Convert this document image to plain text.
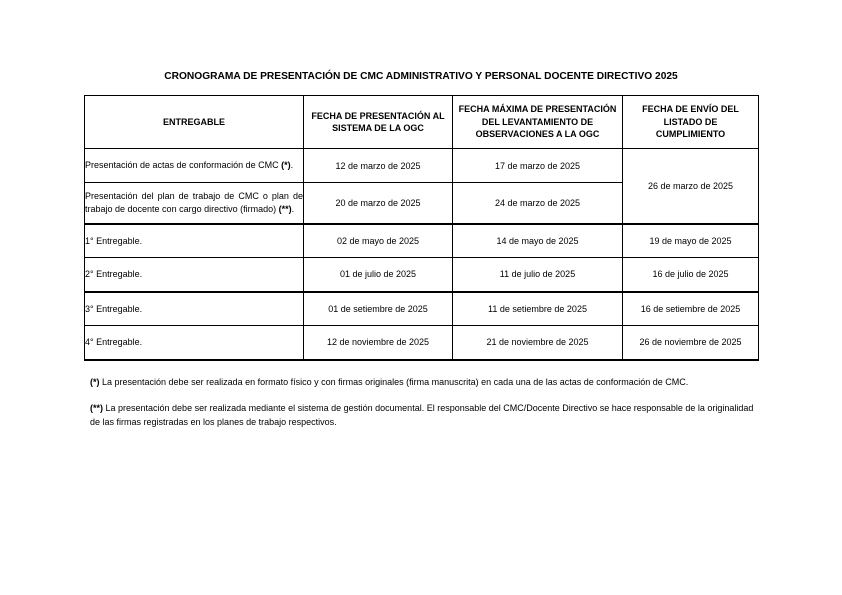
CRONOGRAMA DE PRESENTACIÓN DE CMC ADMINISTRATIVO Y PERSONAL DOCENTE DIRECTIVO 2025
ENTREGABLE	FECHA DE PRESENTACIÓN AL SISTEMA DE LA OGC	FECHA MÁXIMA DE PRESENTACIÓN DEL LEVANTAMIENTO DE OBSERVACIONES A LA OGC	FECHA DE ENVÍO DEL LISTADO DE CUMPLIMIENTO
Presentación de actas de conformación de CMC (*).	12 de marzo de 2025	17 de marzo de 2025	26 de marzo de 2025
Presentación del plan de trabajo de CMC o plan de trabajo de docente con cargo directivo (firmado) (**).	20 de marzo de 2025	24 de marzo de 2025	
1° Entregable.	02 de mayo de 2025	14 de mayo de 2025	19 de mayo de 2025
2° Entregable.	01 de julio de 2025	11 de julio de 2025	16 de julio de 2025
3° Entregable.	01 de setiembre de 2025	11 de setiembre de 2025	16 de setiembre de 2025
4° Entregable.	12 de noviembre de 2025	21 de noviembre de 2025	26 de noviembre de 2025
(*) La presentación debe ser realizada en formato físico y con firmas originales (firma manuscrita) en cada una de las actas de conformación de CMC.
(**) La presentación debe ser realizada mediante el sistema de gestión documental. El responsable del CMC/Docente Directivo se hace responsable de la originalidad de las firmas registradas en los planes de trabajo respectivos.
